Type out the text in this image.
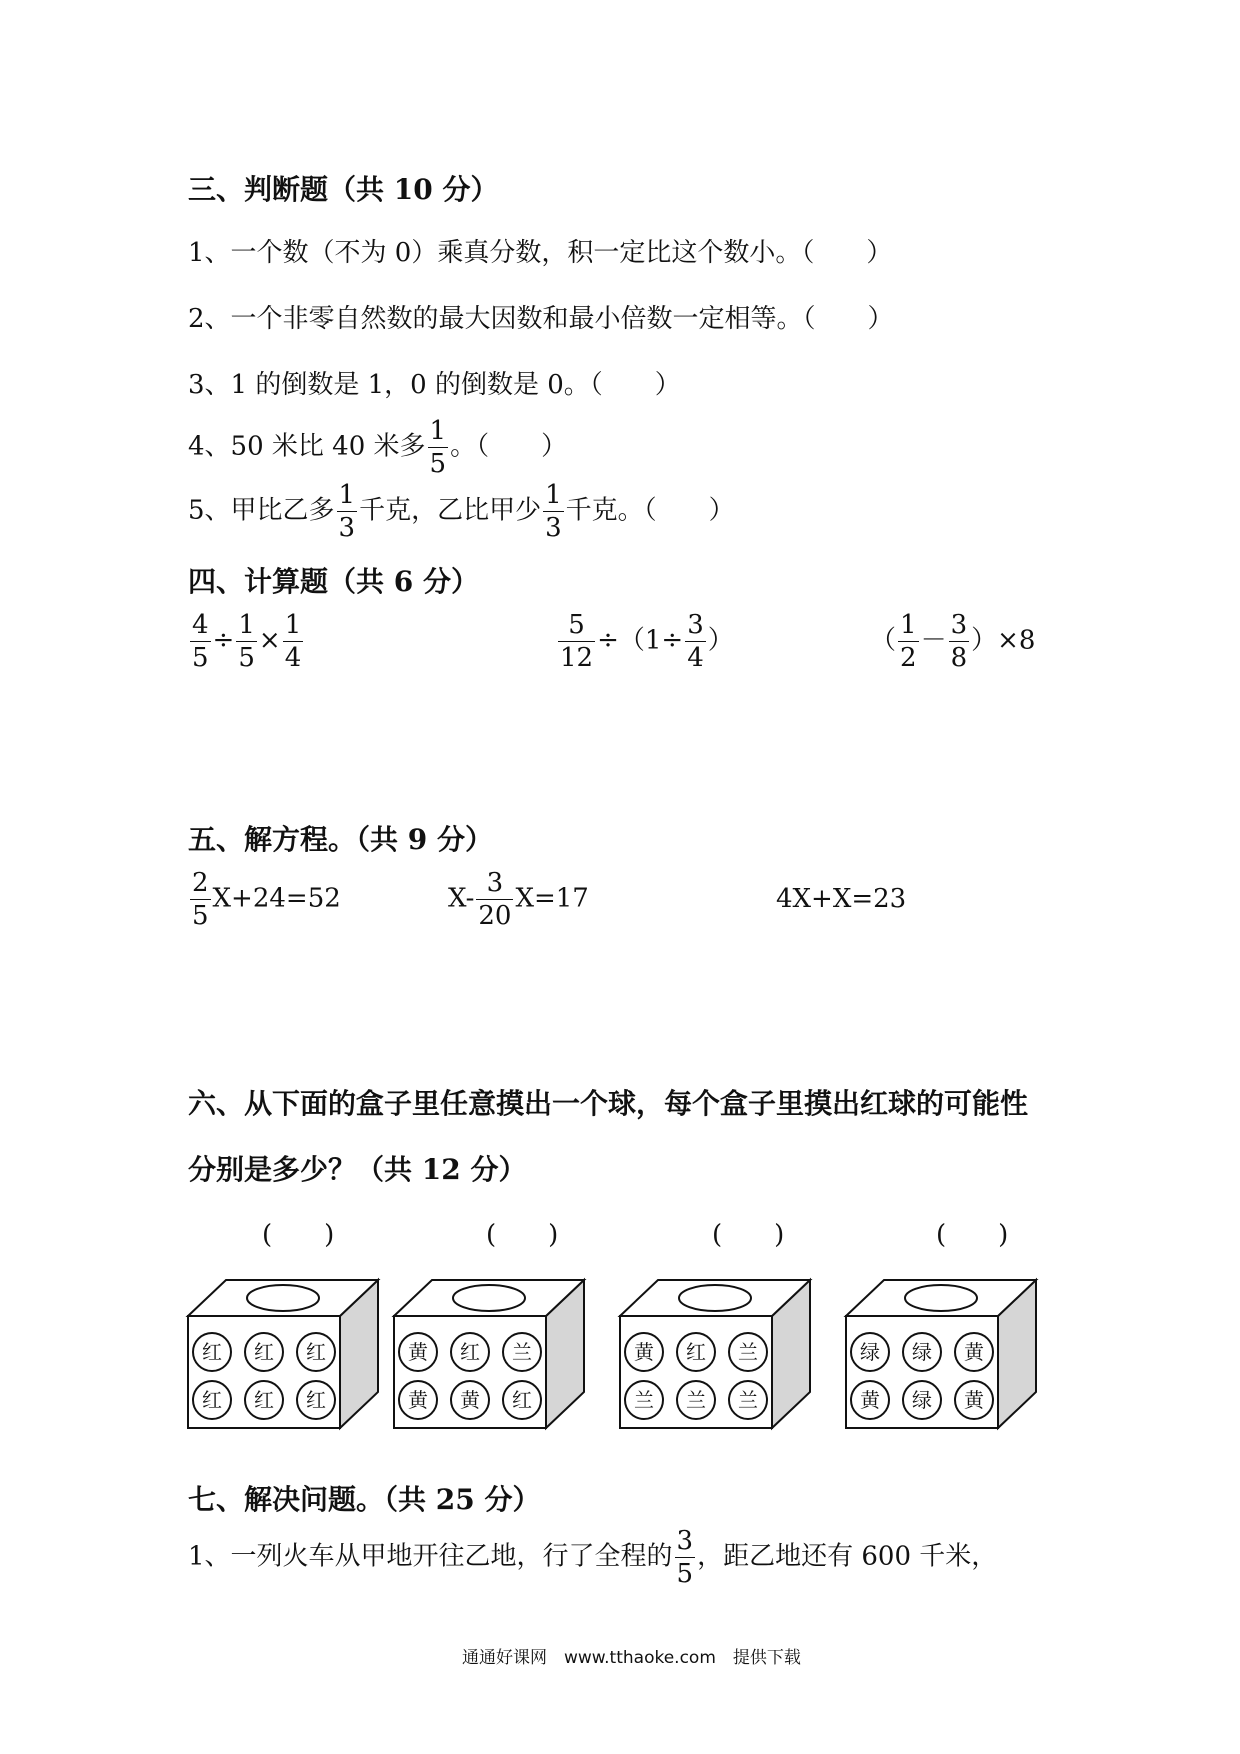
三、判断题（共 10 分）
1、一个数（不为 0）乘真分数，积一定比这个数小。（　　）
2、一个非零自然数的最大因数和最小倍数一定相等。（　　）
3、1 的倒数是 1，0 的倒数是 0。（　　）
4、50 米比 40 米多 $\frac{1}{5}$ 。（　　）
5、甲比乙多 $\frac{1}{3}$ 千克，乙比甲少 $\frac{1}{3}$ 千克。（　　）
四、计算题（共 6 分）
$\frac{4}{5} \div \frac{1}{5} \times \frac{1}{4}$	$\frac{5}{12} \div(1\div \frac{3}{4}$ ）	（ $\frac{1}{2} - \frac{3}{8} )\times 8$
五、解方程。（共 9 分）
$\frac{2}{5} X+24=52$	$X- \frac{3}{20} X=17$	4X+X=23
六、从下面的盒子里任意摸出一个球，每个盒子里摸出红球的可能性
分别是多少？（共 12 分）
(　　)	(　　)	(　　)	(　　)
红 红 红
红 红 红
黄 红 兰
黄 黄 红
黄 红 兰
兰 兰 兰
绿 绿 黄
黄 绿 黄
七、解决问题。（共 25 分）
1、一列火车从甲地开往乙地，行了全程的 $\frac{3}{5}$ ，距乙地还有 600 千米，
通通好课网　www.tthaoke.com　提供下载
